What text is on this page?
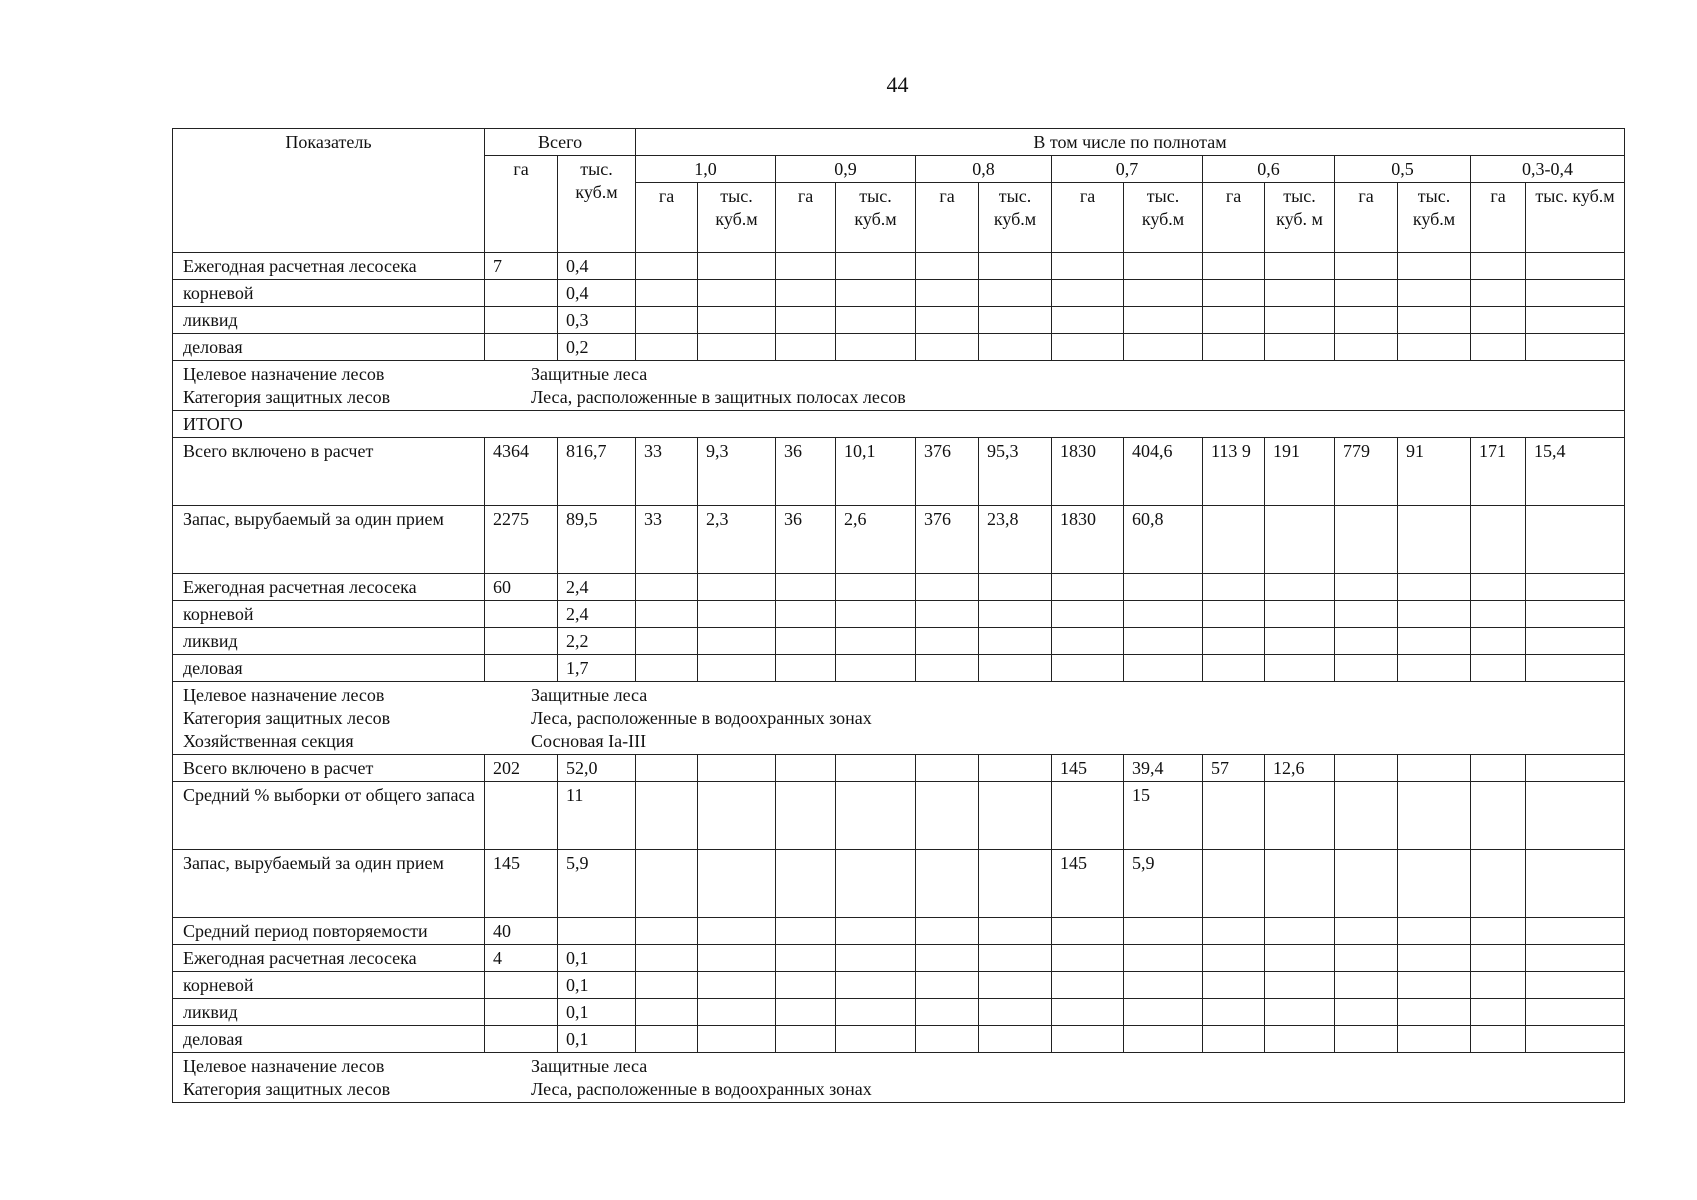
44
Показатель	Всего		В том числе по полнотам													
	га	тыс. куб.м	1,0		0,9		0,8		0,7		0,6		0,5		0,3-0,4	
			га	тыс. куб.м	га	тыс. куб.м	га	тыс. куб.м	га	тыс. куб.м	га	тыс. куб. м	га	тыс. куб.м	га	тыс. куб.м
Ежегодная расчетная лесосека	7	0,4														
корневой		0,4														
ликвид		0,3														
деловая		0,2														

Целевое назначение лесов Защитные леса
Категория защитных лесов Леса, расположенные в защитных полосах лесов																

ИТОГО																
Всего включено в расчет	4364	816,7	33	9,3	36	10,1	376	95,3	1830	404,6	113 9	191	779	91	171	15,4
Запас, вырубаемый за один прием	2275	89,5	33	2,3	36	2,6	376	23,8	1830	60,8						
Ежегодная расчетная лесосека	60	2,4														
корневой		2,4														
ликвид		2,2														
деловая		1,7														

Целевое назначение лесов Защитные леса
Категория защитных лесов Леса, расположенные в водоохранных зонах
Хозяйственная секция Сосновая Iа-III																

Всего включено в расчет	202	52,0							145	39,4	57	12,6				
Средний % выборки от общего запаса		11								15						
Запас, вырубаемый за один прием	145	5,9							145	5,9						
Средний период повторяемости	40															
Ежегодная расчетная лесосека	4	0,1														
корневой		0,1														
ликвид		0,1														
деловая		0,1														

Целевое назначение лесов Защитные леса
Категория защитных лесов Леса, расположенные в водоохранных зонах																
